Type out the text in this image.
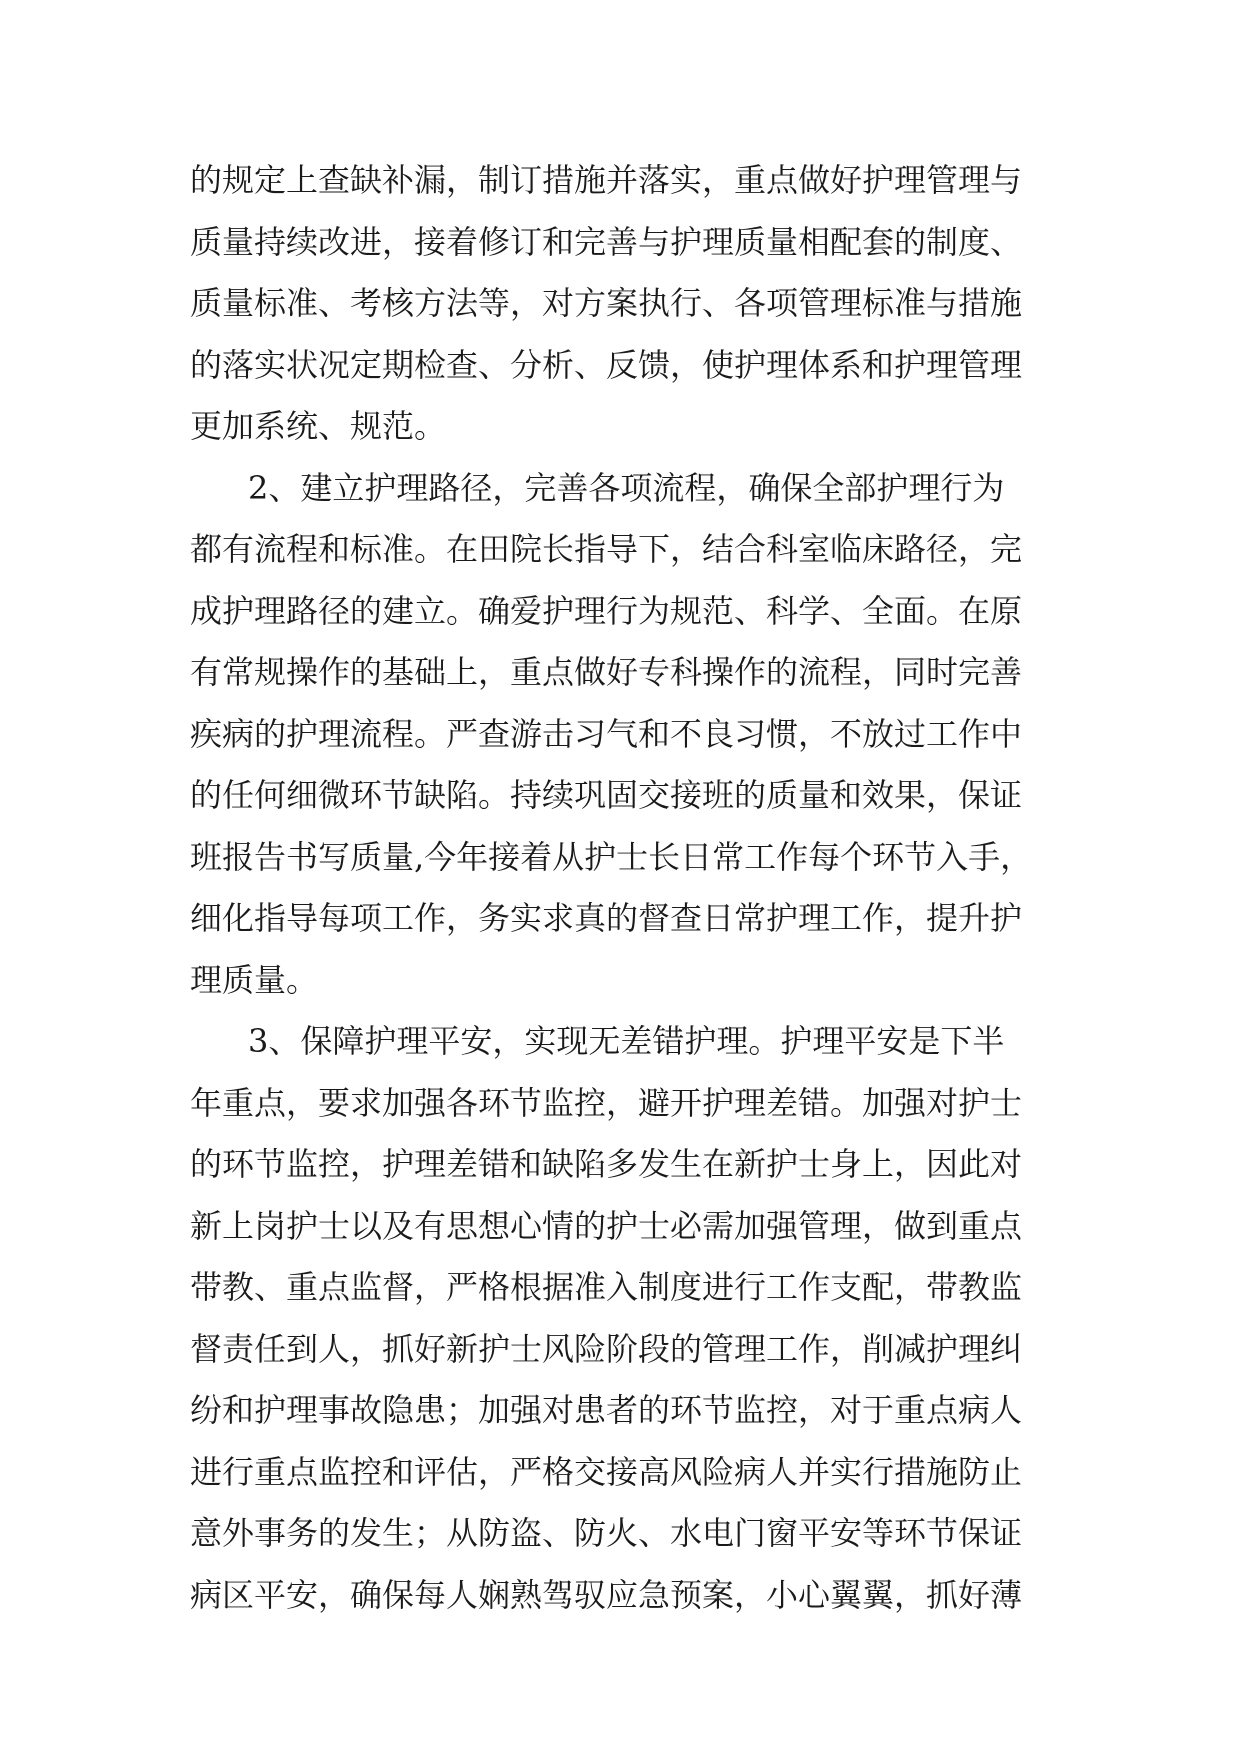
的规定上查缺补漏，制订措施并落实，重点做好护理管理与
质量持续改进，接着修订和完善与护理质量相配套的制度、
质量标准、考核方法等，对方案执行、各项管理标准与措施
的落实状况定期检查、分析、反馈，使护理体系和护理管理
更加系统、规范。
2、建立护理路径，完善各项流程，确保全部护理行为
都有流程和标准。在田院长指导下，结合科室临床路径，完
成护理路径的建立。确爱护理行为规范、科学、全面。在原
有常规操作的基础上，重点做好专科操作的流程，同时完善
疾病的护理流程。严查游击习气和不良习惯，不放过工作中
的任何细微环节缺陷。持续巩固交接班的质量和效果，保证
班报告书写质量,今年接着从护士长日常工作每个环节入手，
细化指导每项工作，务实求真的督查日常护理工作，提升护
理质量。
3、保障护理平安，实现无差错护理。护理平安是下半
年重点，要求加强各环节监控，避开护理差错。加强对护士
的环节监控，护理差错和缺陷多发生在新护士身上，因此对
新上岗护士以及有思想心情的护士必需加强管理，做到重点
带教、重点监督，严格根据准入制度进行工作支配，带教监
督责任到人，抓好新护士风险阶段的管理工作，削减护理纠
纷和护理事故隐患；加强对患者的环节监控，对于重点病人
进行重点监控和评估，严格交接高风险病人并实行措施防止
意外事务的发生；从防盗、防火、水电门窗平安等环节保证
病区平安，确保每人娴熟驾驭应急预案，小心翼翼，抓好薄
